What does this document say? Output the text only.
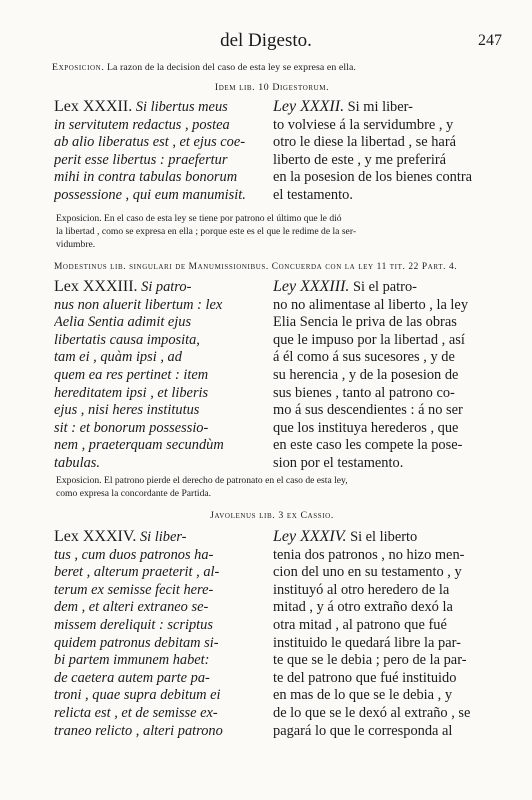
del Digesto.	247
Exposicion. La razon de la decision del caso de esta ley se expresa en ella.
Idem lib. 10 Digestorum.
Lex XXXII. Si libertus meus
in servitutem redactus , postea
ab alio liberatus est , et ejus coe-
perit esse libertus : praefertur
mihi in contra tabulas bonorum
possessione , qui eum manumisit.
Ley XXXII. Si mi liber-
to volviese á la servidumbre , y
otro le diese la libertad , se hará
liberto de este , y me preferirá
en la posesion de los bienes contra
el testamento.
Exposicion. En el caso de esta ley se tiene por patrono el último que le dió
la libertad , como se expresa en ella ; porque este es el que le redime de la ser-
vidumbre.
Modestinus lib. singulari de Manumissionibus. Concuerda con la ley 11 tit. 22 Part. 4.
Lex XXXIII. Si patro-
nus non aluerit libertum : lex
Aelia Sentia adimit ejus
libertatis causa imposita,
tam ei , quàm ipsi , ad
quem ea res pertinet : item
hereditatem ipsi , et liberis
ejus , nisi heres institutus
sit : et bonorum possessio-
nem , praeterquam secundùm
tabulas.
Ley XXXIII. Si el patro-
no no alimentase al liberto , la ley
Elia Sencia le priva de las obras
que le impuso por la libertad , así
á él como á sus sucesores , y de
su herencia , y de la posesion de
sus bienes , tanto al patrono co-
mo á sus descendientes : á no ser
que los instituya herederos , que
en este caso les compete la pose-
sion por el testamento.
Exposicion. El patrono pierde el derecho de patronato en el caso de esta ley,
como expresa la concordante de Partida.
Javolenus lib. 3 ex Cassio.
Lex XXXIV. Si liber-
tus , cum duos patronos ha-
beret , alterum praeterit , al-
terum ex semisse fecit here-
dem , et alteri extraneo se-
missem dereliquit : scriptus
quidem patronus debitam si-
bi partem immunem habet:
de caetera autem parte pa-
troni , quae supra debitum ei
relicta est , et de semisse ex-
traneo relicto , alteri patrono
Ley XXXIV. Si el liberto
tenia dos patronos , no hizo men-
cion del uno en su testamento , y
instituyó al otro heredero de la
mitad , y á otro extraño dexó la
otra mitad , al patrono que fué
instituido le quedará libre la par-
te que se le debia ; pero de la par-
te del patrono que fué instituido
en mas de lo que se le debia , y
de lo que se le dexó al extraño , se
pagará lo que le corresponda al
